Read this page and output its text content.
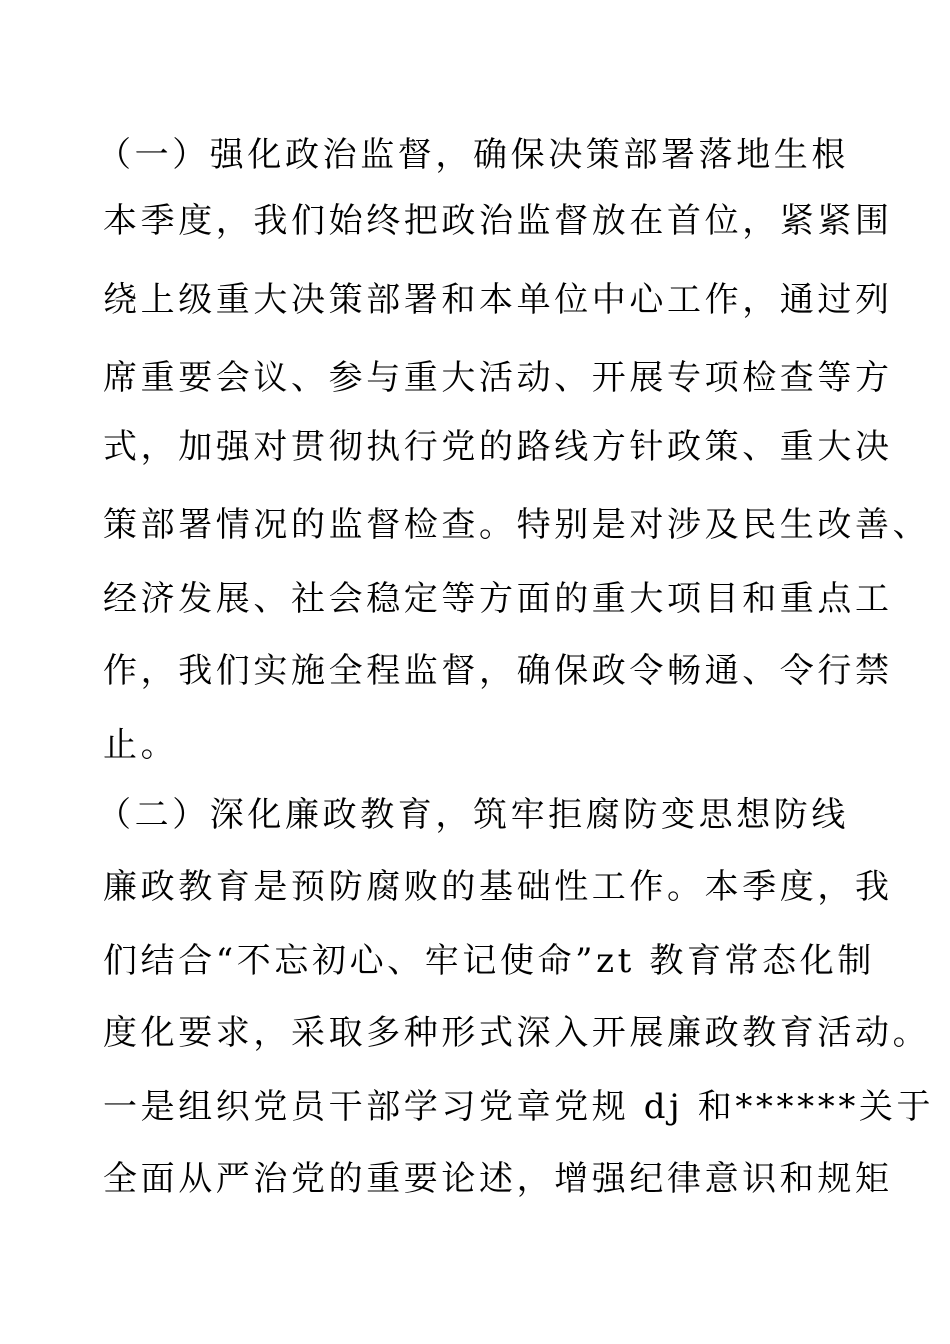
（一）强化政治监督，确保决策部署落地生根
本季度，我们始终把政治监督放在首位，紧紧围
绕上级重大决策部署和本单位中心工作，通过列
席重要会议、参与重大活动、开展专项检查等方
式，加强对贯彻执行党的路线方针政策、重大决
策部署情况的监督检查。特别是对涉及民生改善、
经济发展、社会稳定等方面的重大项目和重点工
作，我们实施全程监督，确保政令畅通、令行禁
止。
（二）深化廉政教育，筑牢拒腐防变思想防线
廉政教育是预防腐败的基础性工作。本季度，我
们结合“不忘初心、牢记使命”zt 教育常态化制
度化要求，采取多种形式深入开展廉政教育活动。
一是组织党员干部学习党章党规 dj 和******关于
全面从严治党的重要论述，增强纪律意识和规矩
